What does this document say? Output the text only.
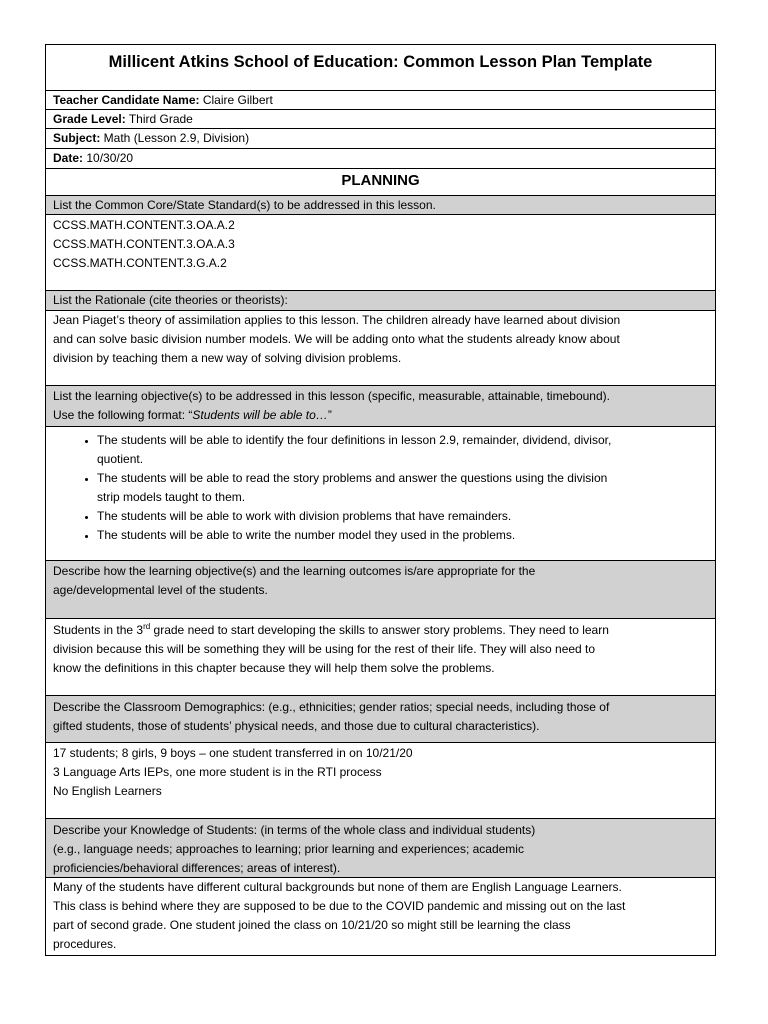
Millicent Atkins School of Education: Common Lesson Plan Template
Teacher Candidate Name: Claire Gilbert
Grade Level: Third Grade
Subject: Math (Lesson 2.9, Division)
Date: 10/30/20
PLANNING
List the Common Core/State Standard(s) to be addressed in this lesson.
CCSS.MATH.CONTENT.3.OA.A.2
CCSS.MATH.CONTENT.3.OA.A.3
CCSS.MATH.CONTENT.3.G.A.2
List the Rationale (cite theories or theorists):
Jean Piaget’s theory of assimilation applies to this lesson. The children already have learned about division
and can solve basic division number models. We will be adding onto what the students already know about
division by teaching them a new way of solving division problems.
List the learning objective(s) to be addressed in this lesson (specific, measurable, attainable, timebound).
Use the following format: “Students will be able to…”
• The students will be able to identify the four definitions in lesson 2.9, remainder, dividend, divisor,
quotient.
• The students will be able to read the story problems and answer the questions using the division
strip models taught to them.
• The students will be able to work with division problems that have remainders.
• The students will be able to write the number model they used in the problems.
Describe how the learning objective(s) and the learning outcomes is/are appropriate for the
age/developmental level of the students.
Students in the 3rd grade need to start developing the skills to answer story problems. They need to learn
division because this will be something they will be using for the rest of their life. They will also need to
know the definitions in this chapter because they will help them solve the problems.
Describe the Classroom Demographics: (e.g., ethnicities; gender ratios; special needs, including those of
gifted students, those of students’ physical needs, and those due to cultural characteristics).
17 students; 8 girls, 9 boys – one student transferred in on 10/21/20
3 Language Arts IEPs, one more student is in the RTI process
No English Learners
Describe your Knowledge of Students: (in terms of the whole class and individual students)
(e.g., language needs; approaches to learning; prior learning and experiences; academic
proficiencies/behavioral differences; areas of interest).
Many of the students have different cultural backgrounds but none of them are English Language Learners.
This class is behind where they are supposed to be due to the COVID pandemic and missing out on the last
part of second grade. One student joined the class on 10/21/20 so might still be learning the class
procedures.
